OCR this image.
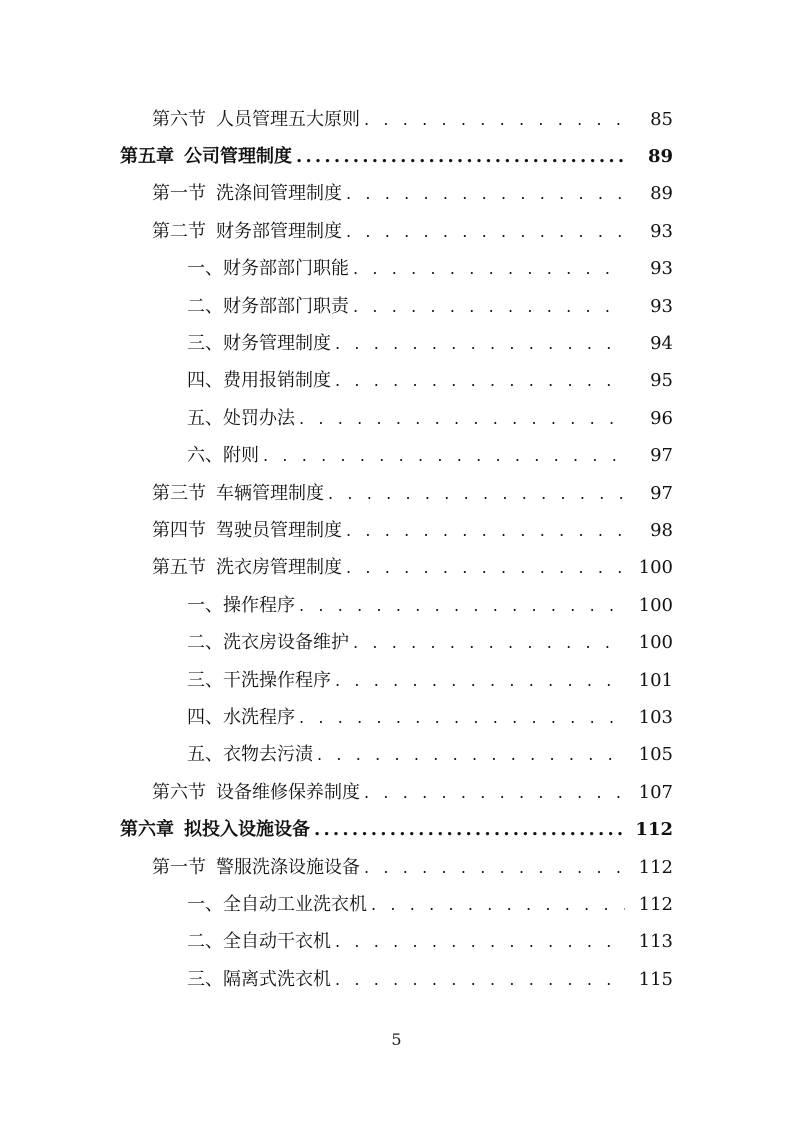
第六节 人员管理五大原则 . . .	85
第五章 公司管理制度 .....	89
第一节 洗涤间管理制度 . . .	89
第二节 财务部管理制度 . . .	93
一、财务部部门职能 . . .	93
二、财务部部门职责 . . .	93
三、财务管理制度 . . .	94
四、费用报销制度 . . .	95
五、处罚办法 . . .	96
六、附则 . . .	97
第三节 车辆管理制度 . . .	97
第四节 驾驶员管理制度 . . .	98
第五节 洗衣房管理制度 . . .	100
一、操作程序 . . .	100
二、洗衣房设备维护 . . .	100
三、干洗操作程序 . . .	101
四、水洗程序 . . .	103
五、衣物去污渍 . . .	105
第六节 设备维修保养制度 . . .	107
第六章 拟投入设施设备 .....	112
第一节 警服洗涤设施设备 . . .	112
一、全自动工业洗衣机 . . .	112
二、全自动干衣机 . . .	113
三、隔离式洗衣机 . . .	115
5
